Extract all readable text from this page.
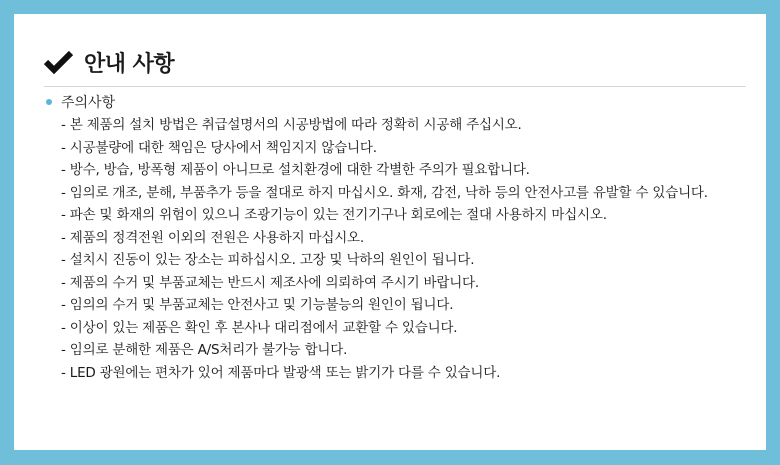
안내 사항
주의사항
- 본 제품의 설치 방법은 취급설명서의 시공방법에 따라 정확히 시공해 주십시오.
- 시공불량에 대한 책임은 당사에서 책임지지 않습니다.
- 방수, 방습, 방폭형 제품이 아니므로 설치환경에 대한 각별한 주의가 필요합니다.
- 임의로 개조, 분해, 부품추가 등을 절대로 하지 마십시오. 화재, 감전, 낙하 등의 안전사고를 유발할 수 있습니다.
- 파손 및 화재의 위험이 있으니 조광기능이 있는 전기기구나 회로에는 절대 사용하지 마십시오.
- 제품의 정격전원 이외의 전원은 사용하지 마십시오.
- 설치시 진동이 있는 장소는 피하십시오. 고장 및 낙하의 원인이 됩니다.
- 제품의 수거 및 부품교체는 반드시 제조사에 의뢰하여 주시기 바랍니다.
- 임의의 수거 및 부품교체는 안전사고 및 기능불능의 원인이 됩니다.
- 이상이 있는 제품은 확인 후 본사나 대리점에서 교환할 수 있습니다.
- 임의로 분해한 제품은 A/S처리가 불가능 합니다.
- LED 광원에는 편차가 있어 제품마다 발광색 또는 밝기가 다를 수 있습니다.
